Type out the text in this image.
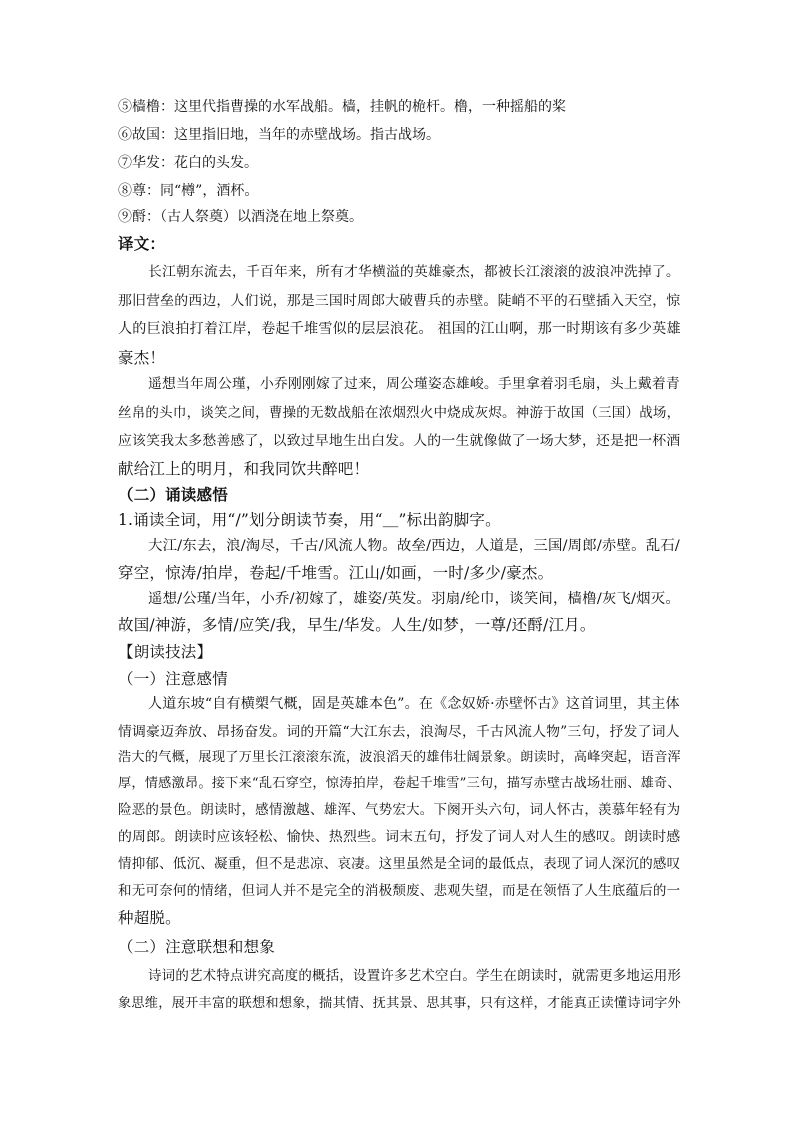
⑤樯橹：这里代指曹操的水军战船。樯，挂帆的桅杆。橹，一种摇船的桨
⑥故国：这里指旧地，当年的赤壁战场。指古战场。
⑦华发：花白的头发。
⑧尊：同“樽”，酒杯。
⑨酹：（古人祭奠）以酒浇在地上祭奠。
译文：
长江朝东流去，千百年来，所有才华横溢的英雄豪杰，都被长江滚滚的波浪冲洗掉了。
那旧营垒的西边，人们说，那是三国时周郎大破曹兵的赤壁。陡峭不平的石壁插入天空，惊
人的巨浪拍打着江岸，卷起千堆雪似的层层浪花。 祖国的江山啊，那一时期该有多少英雄
豪杰！
遥想当年周公瑾，小乔刚刚嫁了过来，周公瑾姿态雄峻。手里拿着羽毛扇，头上戴着青
丝帛的头巾，谈笑之间，曹操的无数战船在浓烟烈火中烧成灰烬。神游于故国（三国）战场，
应该笑我太多愁善感了，以致过早地生出白发。人的一生就像做了一场大梦，还是把一杯酒
献给江上的明月，和我同饮共醉吧！
（二）诵读感悟
1.诵读全词，用“/”划分朗读节奏，用“＿”标出韵脚字。
大江/东去，浪/淘尽，千古/风流人物。故垒/西边，人道是，三国/周郎/赤壁。乱石/
穿空，惊涛/拍岸，卷起/千堆雪。江山/如画，一时/多少/豪杰。
遥想/公瑾/当年，小乔/初嫁了，雄姿/英发。羽扇/纶巾，谈笑间，樯橹/灰飞/烟灭。
故国/神游，多情/应笑/我，早生/华发。人生/如梦，一尊/还酹/江月。
【朗读技法】
（一）注意感情
人道东坡“自有横槊气概，固是英雄本色”。在《念奴娇·赤壁怀古》这首词里，其主体
情调豪迈奔放、昂扬奋发。词的开篇“大江东去，浪淘尽，千古风流人物”三句，抒发了词人
浩大的气概，展现了万里长江滚滚东流，波浪滔天的雄伟壮阔景象。朗读时，高峰突起，语音浑
厚，情感激昂。接下来“乱石穿空，惊涛拍岸，卷起千堆雪”三句，描写赤壁古战场壮丽、雄奇、
险恶的景色。朗读时，感情激越、雄浑、气势宏大。下阕开头六句，词人怀古，羡慕年轻有为
的周郎。朗读时应该轻松、愉快、热烈些。词末五句，抒发了词人对人生的感叹。朗读时感
情抑郁、低沉、凝重，但不是悲凉、哀凄。这里虽然是全词的最低点，表现了词人深沉的感叹
和无可奈何的情绪，但词人并不是完全的消极颓废、悲观失望，而是在领悟了人生底蕴后的一
种超脱。
（二）注意联想和想象
诗词的艺术特点讲究高度的概括，设置许多艺术空白。学生在朗读时，就需更多地运用形
象思维，展开丰富的联想和想象，揣其情、抚其景、思其事，只有这样，才能真正读懂诗词字外
